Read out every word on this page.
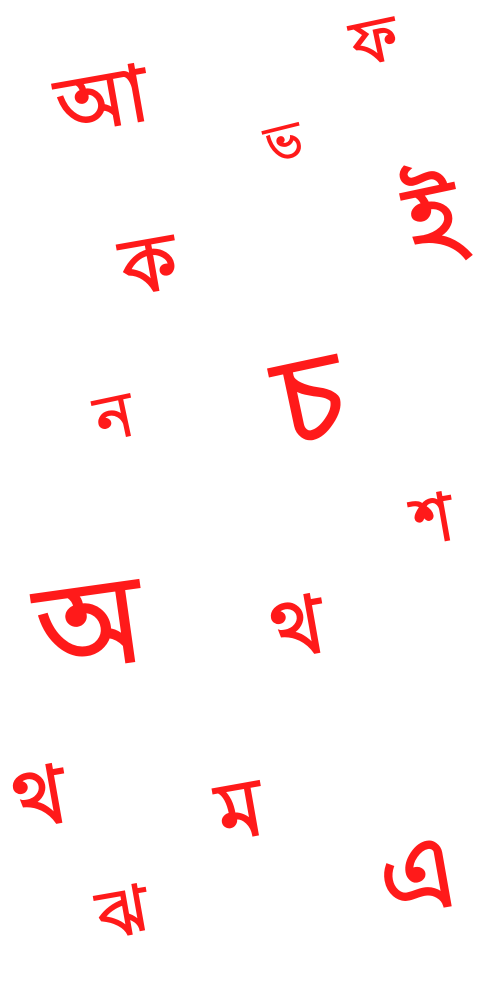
ফ
আ ভ
ই
ক
চ
ন
শ
অ থ
থ ম
এ
ঝ
